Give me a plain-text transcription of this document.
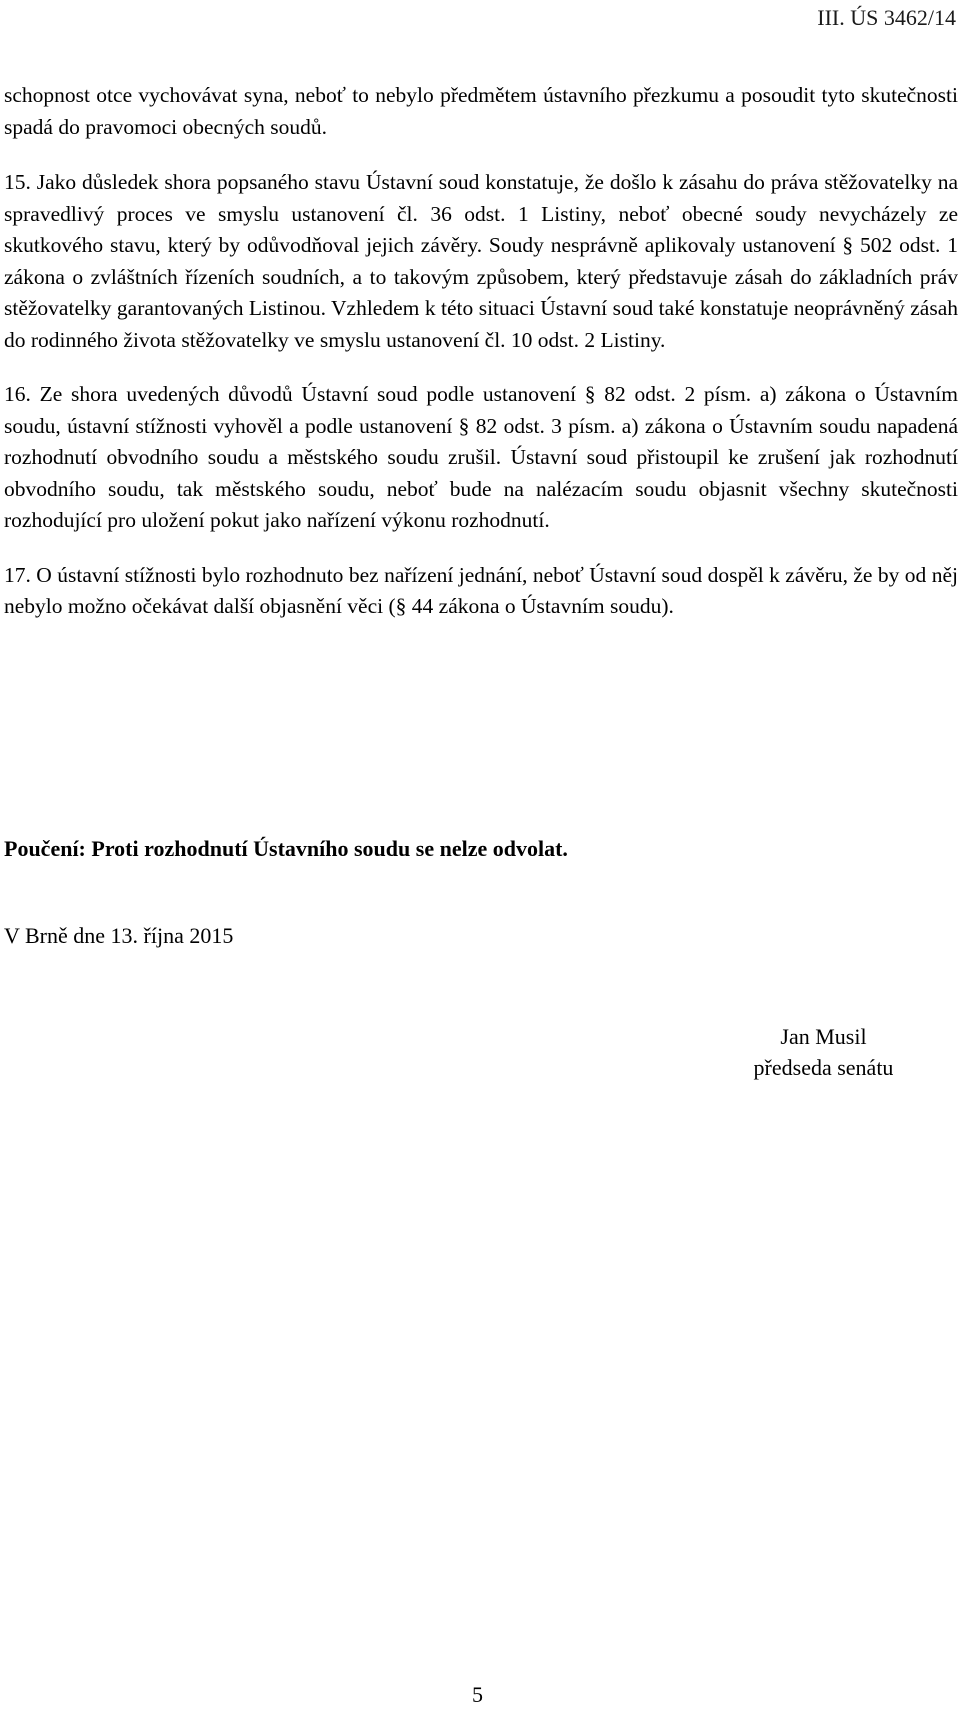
III. ÚS 3462/14

schopnost otce vychovávat syna, neboť to nebylo předmětem ústavního přezkumu a posoudit tyto skutečnosti spadá do pravomoci obecných soudů.

15. Jako důsledek shora popsaného stavu Ústavní soud konstatuje, že došlo k zásahu do práva stěžovatelky na spravedlivý proces ve smyslu ustanovení čl. 36 odst. 1 Listiny, neboť obecné soudy nevycházely ze skutkového stavu, který by odůvodňoval jejich závěry. Soudy nesprávně aplikovaly ustanovení § 502 odst. 1 zákona o zvláštních řízeních soudních, a to takovým způsobem, který představuje zásah do základních práv stěžovatelky garantovaných Listinou. Vzhledem k této situaci Ústavní soud také konstatuje neoprávněný zásah do rodinného života stěžovatelky ve smyslu ustanovení čl. 10 odst. 2 Listiny.

16. Ze shora uvedených důvodů Ústavní soud podle ustanovení § 82 odst. 2 písm. a) zákona o Ústavním soudu, ústavní stížnosti vyhověl a podle ustanovení § 82 odst. 3 písm. a) zákona o Ústavním soudu napadená rozhodnutí obvodního soudu a městského soudu zrušil. Ústavní soud přistoupil ke zrušení jak rozhodnutí obvodního soudu, tak městského soudu, neboť bude na nalézacím soudu objasnit všechny skutečnosti rozhodující pro uložení pokut jako nařízení výkonu rozhodnutí.

17. O ústavní stížnosti bylo rozhodnuto bez nařízení jednání, neboť Ústavní soud dospěl k závěru, že by od něj nebylo možno očekávat další objasnění věci (§ 44 zákona o Ústavním soudu).

Poučení: Proti rozhodnutí Ústavního soudu se nelze odvolat.
V Brně dne 13. října 2015
Jan Musil
předseda senátu
5
